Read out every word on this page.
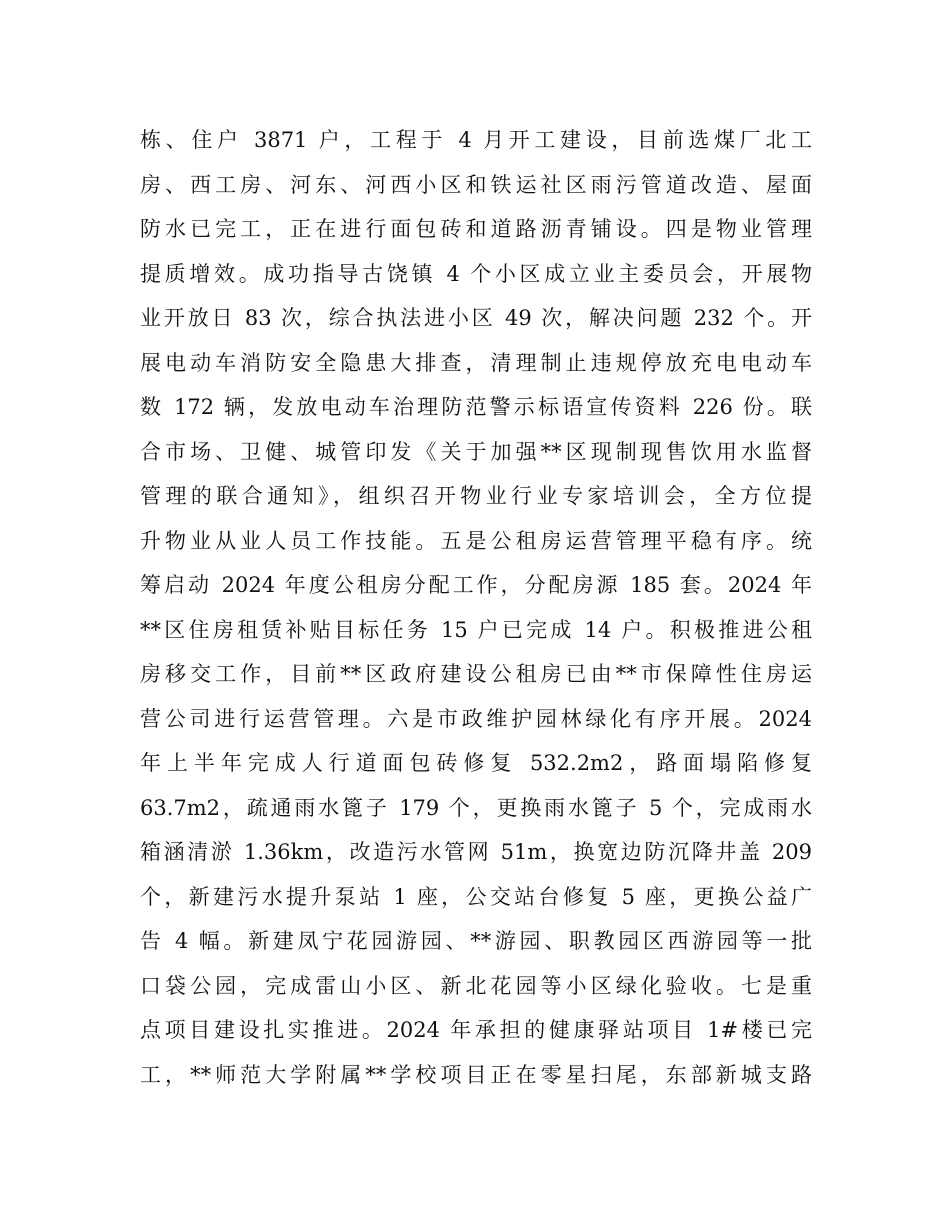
栋、住户 3871 户，工程于 4 月开工建设，目前选煤厂北工
房、西工房、河东、河西小区和铁运社区雨污管道改造、屋面
防水已完工，正在进行面包砖和道路沥青铺设。四是物业管理
提质增效。成功指导古饶镇 4 个小区成立业主委员会，开展物
业开放日 83 次，综合执法进小区 49 次，解决问题 232 个。开
展电动车消防安全隐患大排查，清理制止违规停放充电电动车
数 172 辆，发放电动车治理防范警示标语宣传资料 226 份。联
合市场、卫健、城管印发《关于加强**区现制现售饮用水监督
管理的联合通知》，组织召开物业行业专家培训会，全方位提
升物业从业人员工作技能。五是公租房运营管理平稳有序。统
筹启动 2024 年度公租房分配工作，分配房源 185 套。2024 年
**区住房租赁补贴目标任务 15 户已完成 14 户。积极推进公租
房移交工作，目前**区政府建设公租房已由**市保障性住房运
营公司进行运营管理。六是市政维护园林绿化有序开展。2024
年上半年完成人行道面包砖修复 532.2m2，路面塌陷修复
63.7m2，疏通雨水篦子 179 个，更换雨水篦子 5 个，完成雨水
箱涵清淤 1.36km，改造污水管网 51m，换宽边防沉降井盖 209
个，新建污水提升泵站 1 座，公交站台修复 5 座，更换公益广
告 4 幅。新建凤宁花园游园、**游园、职教园区西游园等一批
口袋公园，完成雷山小区、新北花园等小区绿化验收。七是重
点项目建设扎实推进。2024 年承担的健康驿站项目 1#楼已完
工，**师范大学附属**学校项目正在零星扫尾，东部新城支路
